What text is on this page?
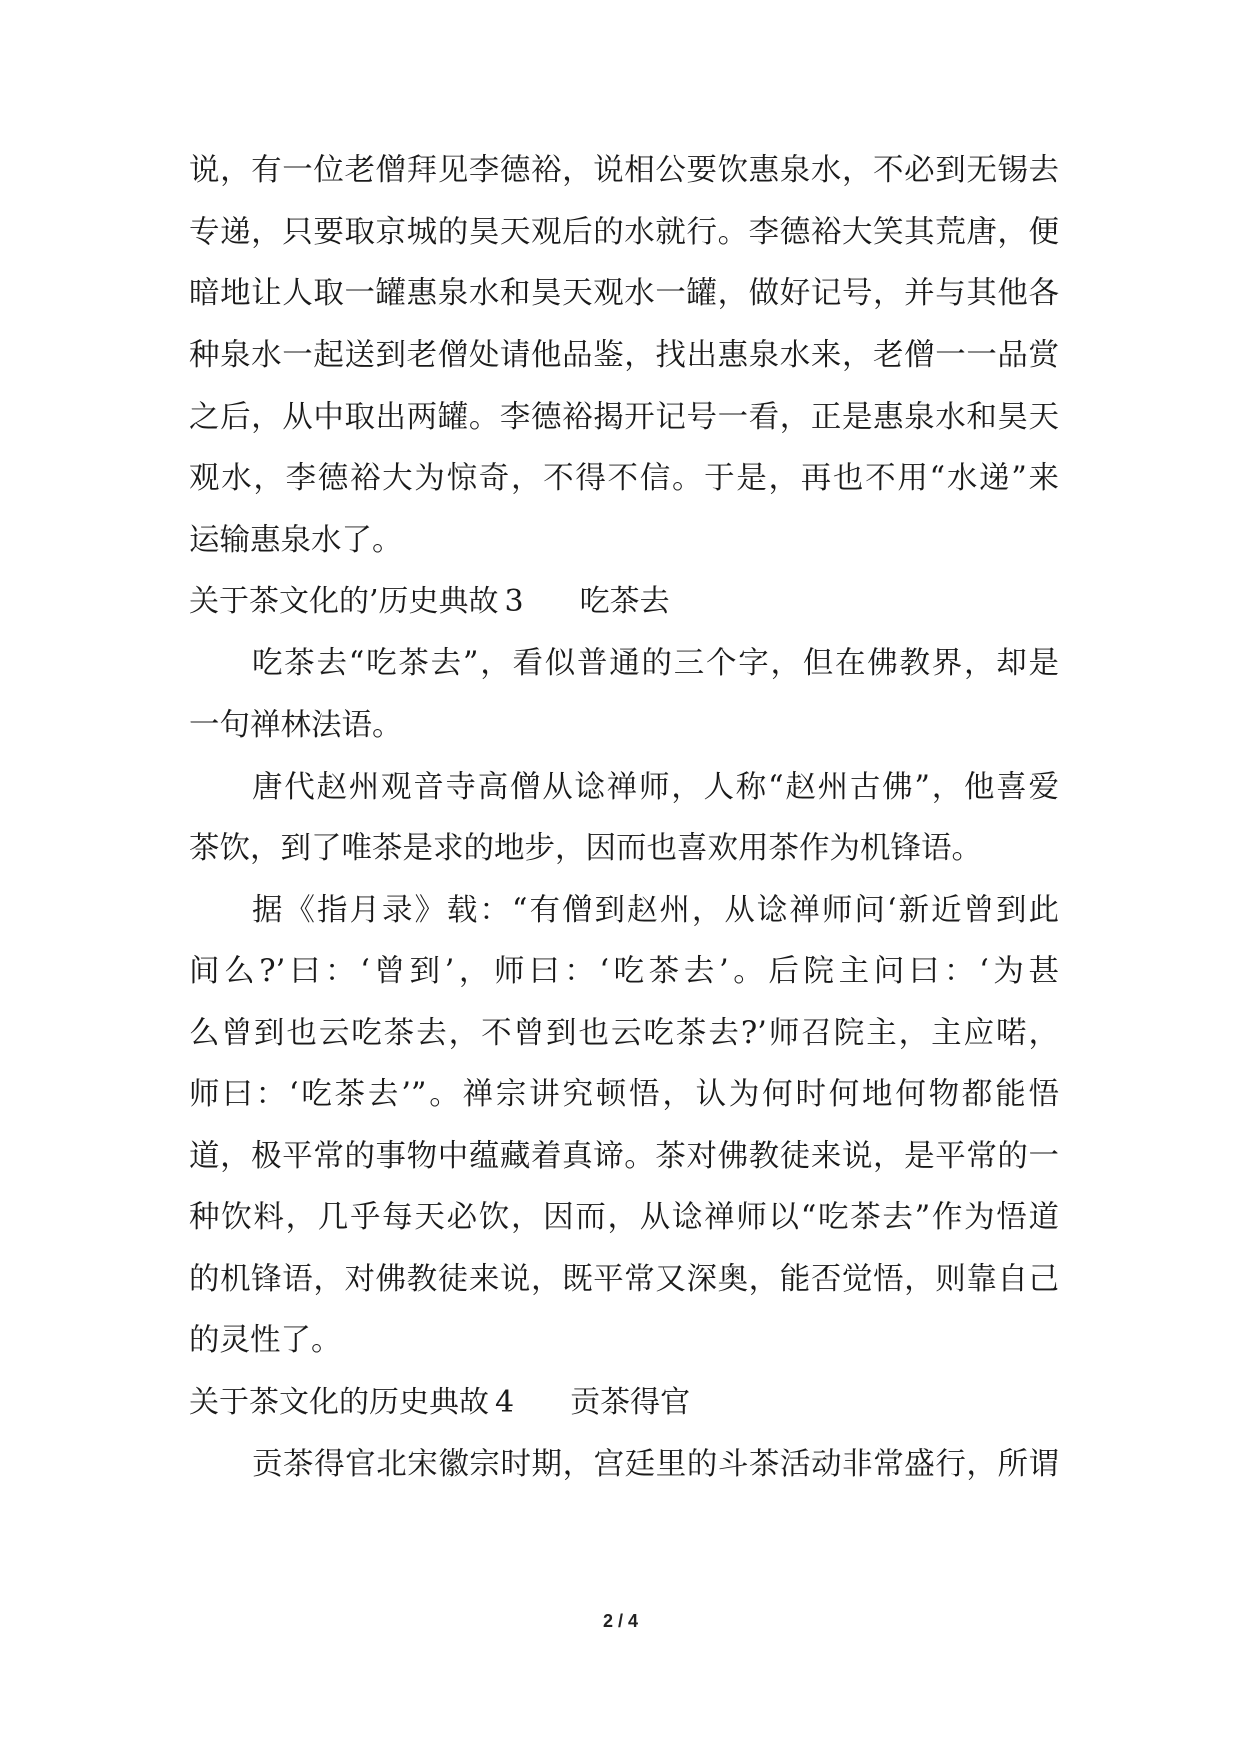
说，有一位老僧拜见李德裕，说相公要饮惠泉水，不必到无锡去
专递，只要取京城的昊天观后的水就行。李德裕大笑其荒唐，便
暗地让人取一罐惠泉水和昊天观水一罐，做好记号，并与其他各
种泉水一起送到老僧处请他品鉴，找出惠泉水来，老僧一一品赏
之后，从中取出两罐。李德裕揭开记号一看，正是惠泉水和昊天
观水，李德裕大为惊奇，不得不信。于是，再也不用“水递”来
运输惠泉水了。
关于茶文化的’历史典故 3 吃茶去
吃茶去“吃茶去”，看似普通的三个字，但在佛教界，却是
一句禅林法语。
唐代赵州观音寺高僧从谂禅师，人称“赵州古佛”，他喜爱
茶饮，到了唯茶是求的地步，因而也喜欢用茶作为机锋语。
据《指月录》载：“有僧到赵州，从谂禅师问‘新近曾到此
间么?’曰：‘曾到’，师曰：‘吃茶去’。后院主问曰：‘为甚
么曾到也云吃茶去，不曾到也云吃茶去?’师召院主，主应喏，
师曰：‘吃茶去’”。禅宗讲究顿悟，认为何时何地何物都能悟
道，极平常的事物中蕴藏着真谛。茶对佛教徒来说，是平常的一
种饮料，几乎每天必饮，因而，从谂禅师以“吃茶去”作为悟道
的机锋语，对佛教徒来说，既平常又深奥，能否觉悟，则靠自己
的灵性了。
关于茶文化的历史典故 4 贡茶得官
贡茶得官北宋徽宗时期，宫廷里的斗茶活动非常盛行，所谓
2 / 4
